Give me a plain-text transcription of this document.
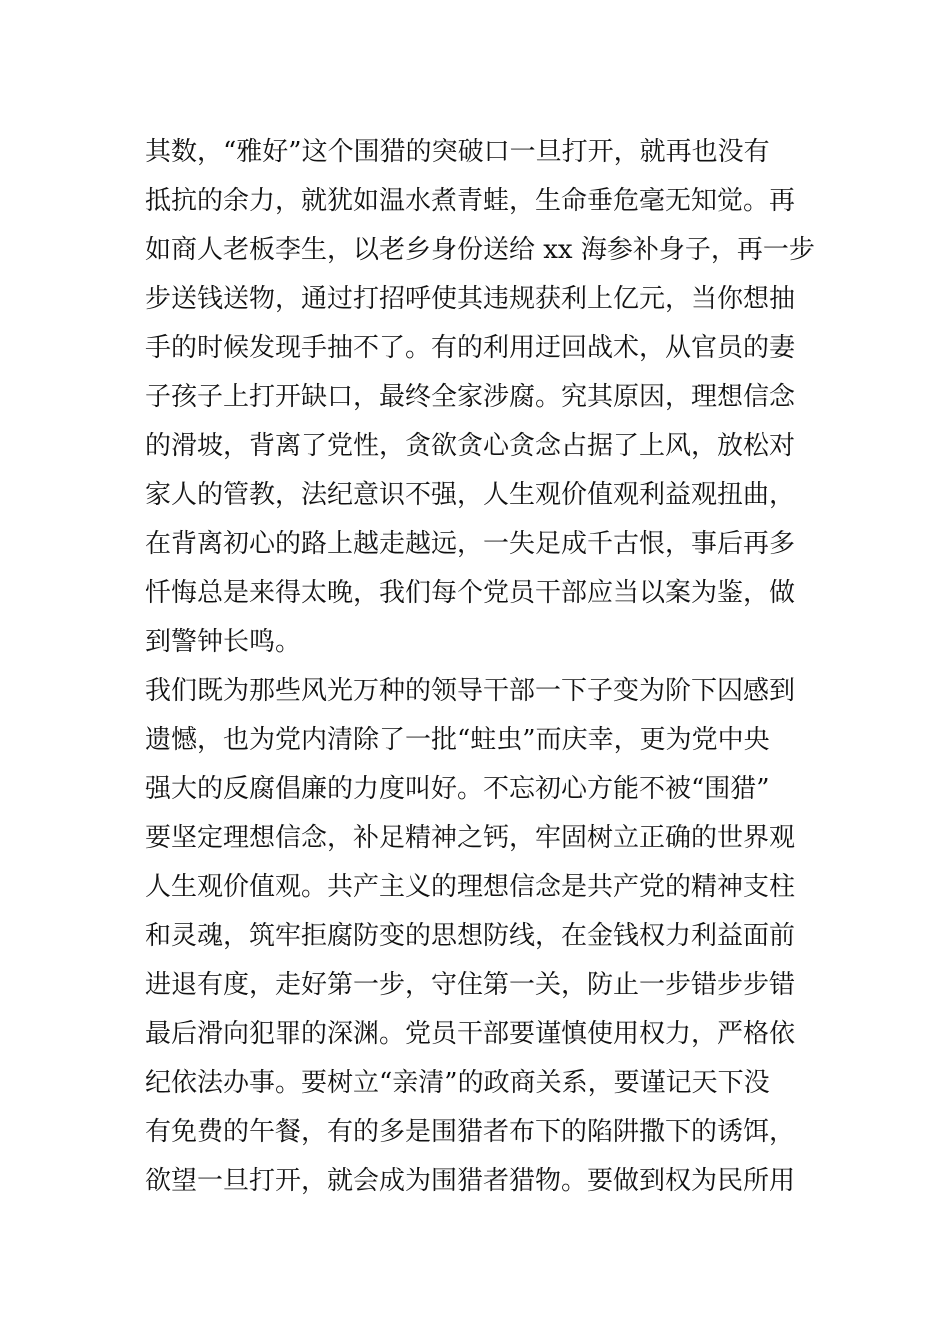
其数，“雅好”这个围猎的突破口一旦打开，就再也没有
抵抗的余力，就犹如温水煮青蛙，生命垂危毫无知觉。再
如商人老板李生，以老乡身份送给 xx 海参补身子，再一步
步送钱送物，通过打招呼使其违规获利上亿元，当你想抽
手的时候发现手抽不了。有的利用迂回战术，从官员的妻
子孩子上打开缺口，最终全家涉腐。究其原因，理想信念
的滑坡，背离了党性，贪欲贪心贪念占据了上风，放松对
家人的管教，法纪意识不强，人生观价值观利益观扭曲，
在背离初心的路上越走越远，一失足成千古恨，事后再多
忏悔总是来得太晚，我们每个党员干部应当以案为鉴，做
到警钟长鸣。
我们既为那些风光万种的领导干部一下子变为阶下囚感到
遗憾，也为党内清除了一批“蛀虫”而庆幸，更为党中央
强大的反腐倡廉的力度叫好。不忘初心方能不被“围猎”
要坚定理想信念，补足精神之钙，牢固树立正确的世界观
人生观价值观。共产主义的理想信念是共产党的精神支柱
和灵魂，筑牢拒腐防变的思想防线，在金钱权力利益面前
进退有度，走好第一步，守住第一关，防止一步错步步错
最后滑向犯罪的深渊。党员干部要谨慎使用权力，严格依
纪依法办事。要树立“亲清”的政商关系，要谨记天下没
有免费的午餐，有的多是围猎者布下的陷阱撒下的诱饵，
欲望一旦打开，就会成为围猎者猎物。要做到权为民所用
